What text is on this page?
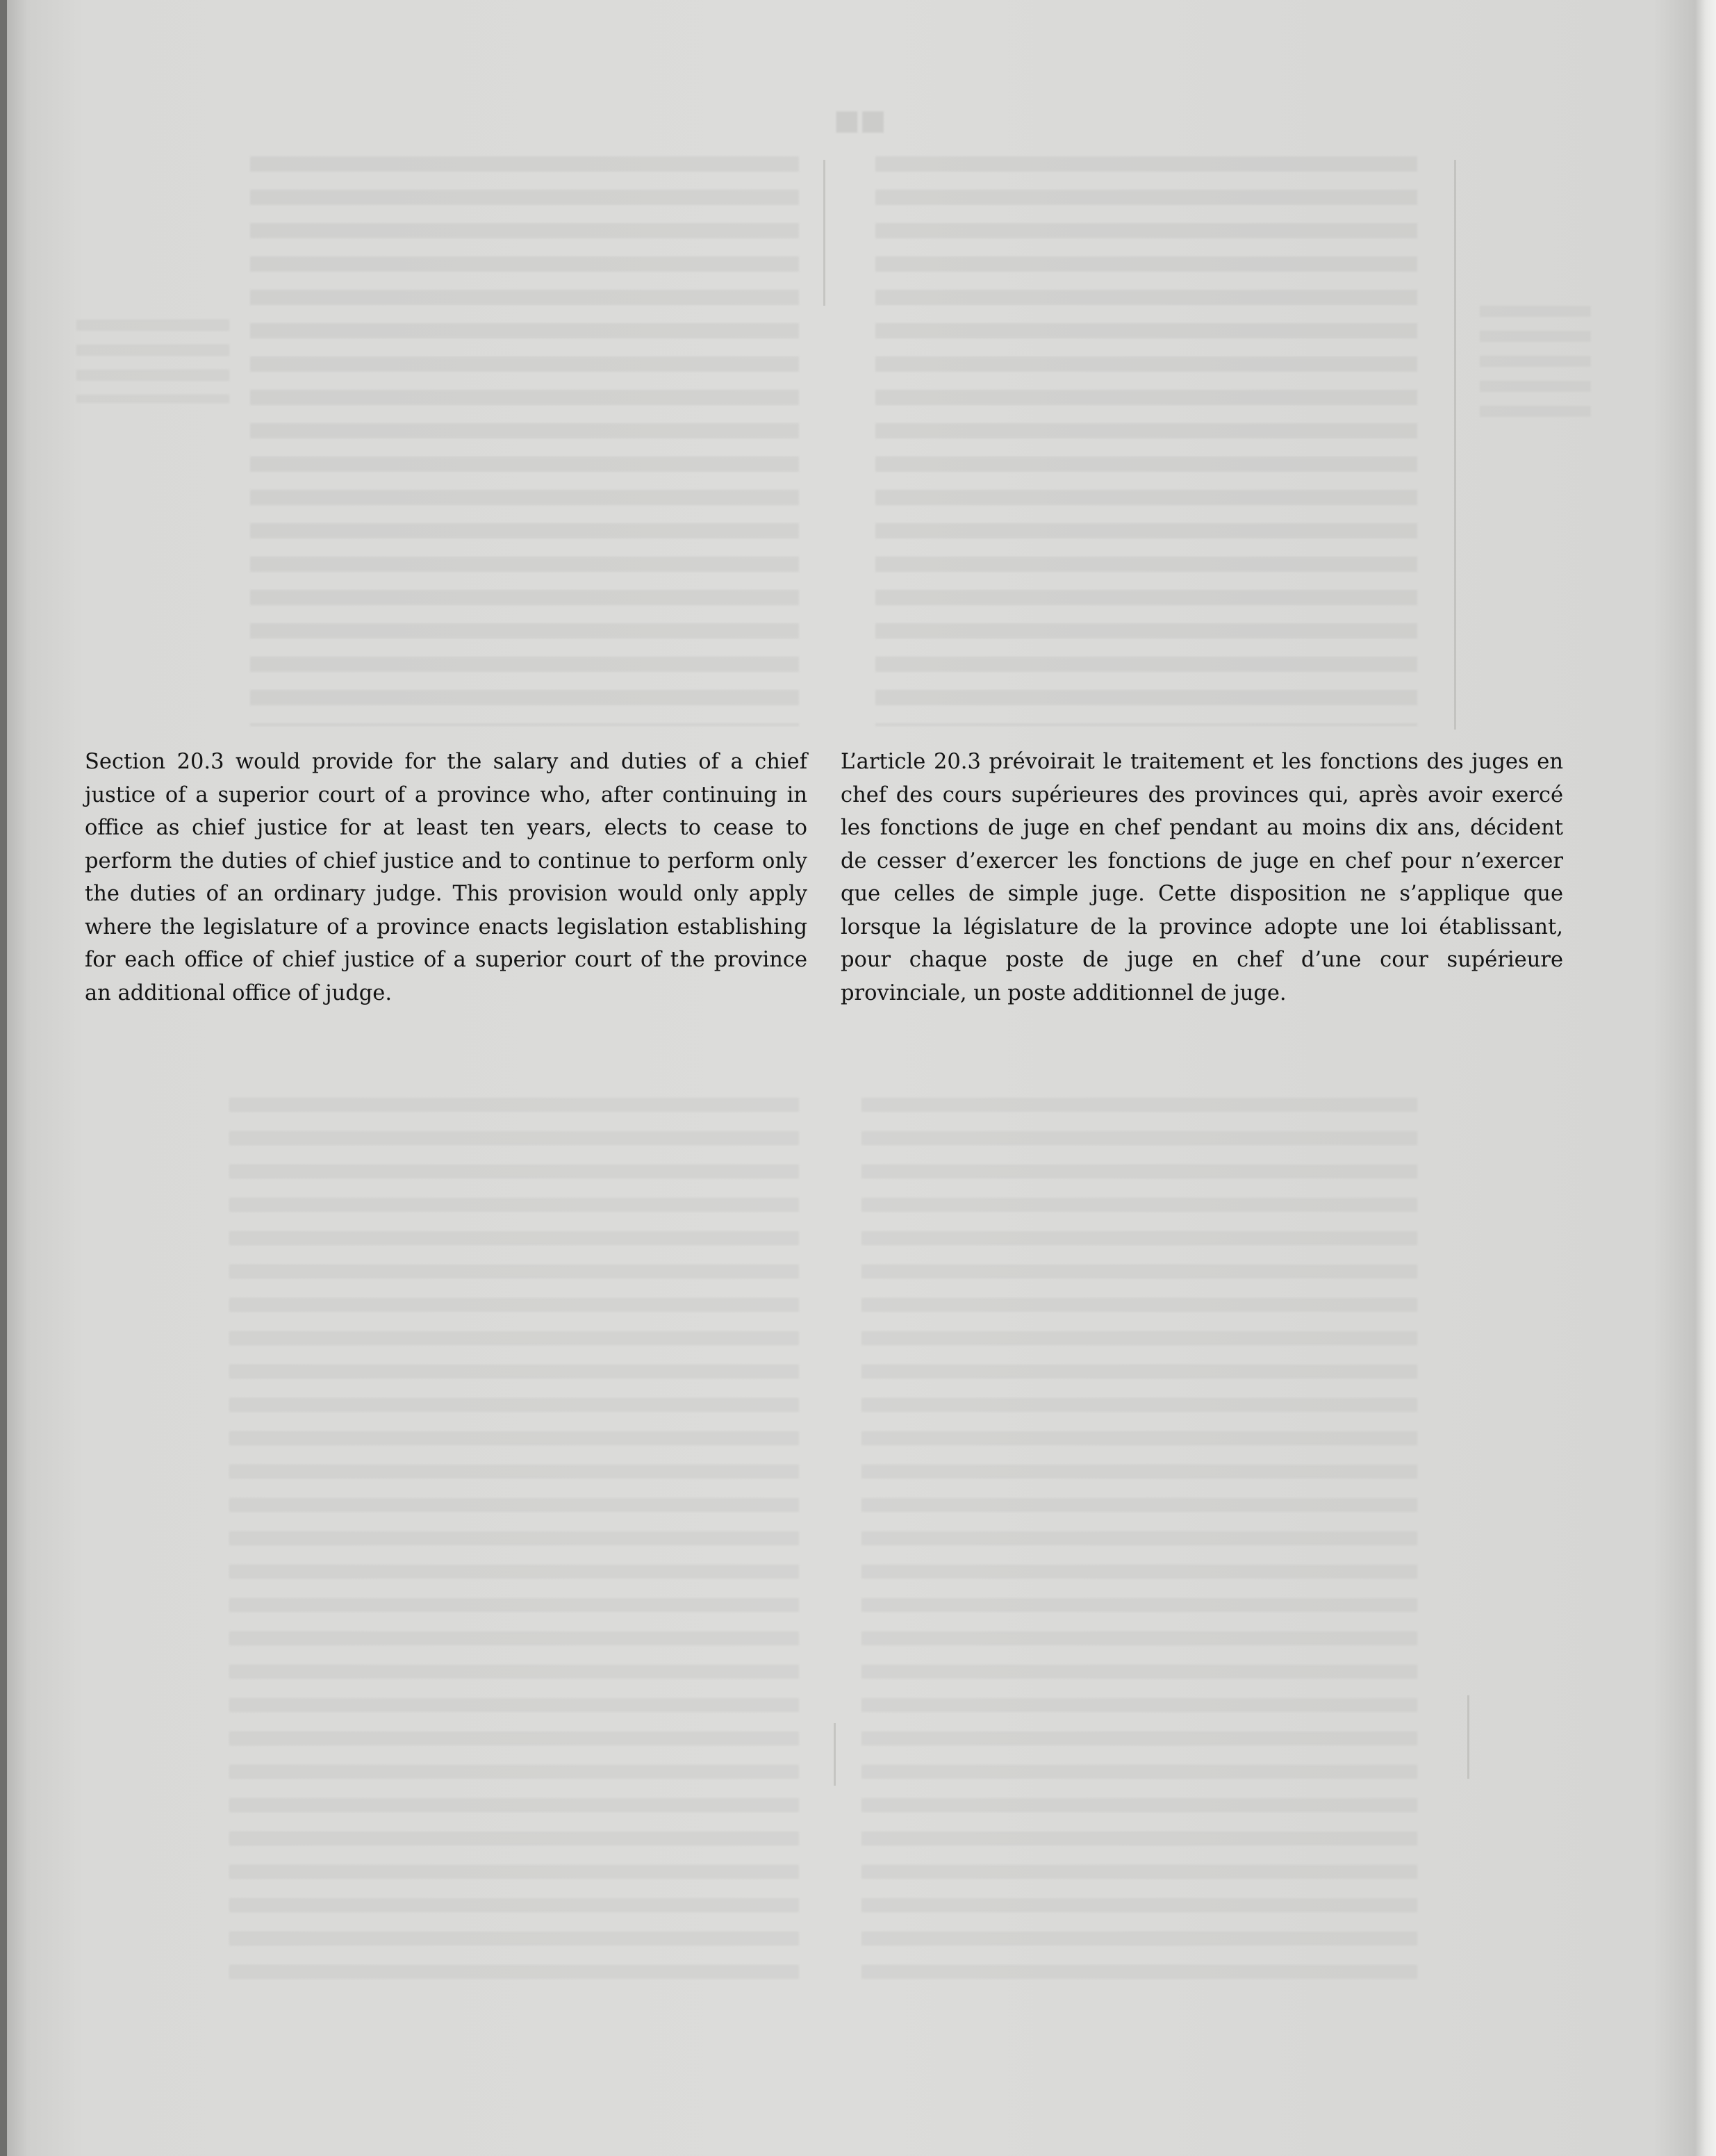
■■

Section 20.3 would provide for the salary and duties of a chief justice of a superior court of a province who, after continuing in office as chief justice for at least ten years, elects to cease to perform the duties of chief justice and to continue to perform only the duties of an ordinary judge. This provision would only apply where the legislature of a province enacts legislation establishing for each office of chief justice of a superior court of the province an additional office of judge.

L’article 20.3 prévoirait le traitement et les fonctions des juges en chef des cours supérieures des provinces qui, après avoir exercé les fonctions de juge en chef pendant au moins dix ans, décident de cesser d’exercer les fonctions de juge en chef pour n’exercer que celles de simple juge. Cette disposition ne s’applique que lorsque la législature de la province adopte une loi établissant, pour chaque poste de juge en chef d’une cour supérieure provinciale, un poste additionnel de juge.
